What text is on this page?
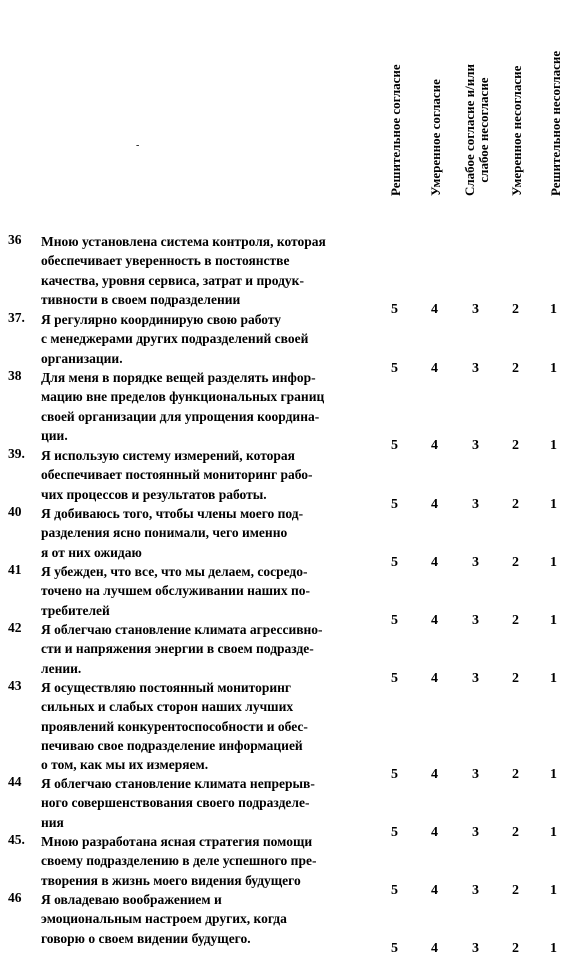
Решительное согласие Умеренное согласие Слабое согласие и/или слабое несогласие Умеренное несогласие Решительное несогласие
-
36 Мною установлена система контроля, которая
обеспечивает уверенность в постоянстве
качества, уровня сервиса, затрат и продук-
тивности в своем подразделении
5 4 3 2 1
37. Я регулярно координирую свою работу
с менеджерами других подразделений своей
организации.
5 4 3 2 1
38 Для меня в порядке вещей разделять инфор-
мацию вне пределов функциональных границ
своей организации для упрощения координа-
ции.
5 4 3 2 1
39. Я использую систему измерений, которая
обеспечивает постоянный мониторинг рабо-
чих процессов и результатов работы.
5 4 3 2 1
40 Я добиваюсь того, чтобы члены моего под-
разделения ясно понимали, чего именно
я от них ожидаю
5 4 3 2 1
41 Я убежден, что все, что мы делаем, сосредо-
точено на лучшем обслуживании наших по-
требителей
5 4 3 2 1
42 Я облегчаю становление климата агрессивно-
сти и напряжения энергии в своем подразде-
лении.
5 4 3 2 1
43 Я осуществляю постоянный мониторинг
сильных и слабых сторон наших лучших
проявлений конкурентоспособности и обес-
печиваю свое подразделение информацией
о том, как мы их измеряем.
5 4 3 2 1
44 Я облегчаю становление климата непрерыв-
ного совершенствования своего подразделе-
ния
5 4 3 2 1
45. Мною разработана ясная стратегия помощи
своему подразделению в деле успешного пре-
творения в жизнь моего видения будущего
5 4 3 2 1
46 Я овладеваю воображением и
эмоциональным настроем других, когда
говорю о своем видении будущего.
5 4 3 2 1
